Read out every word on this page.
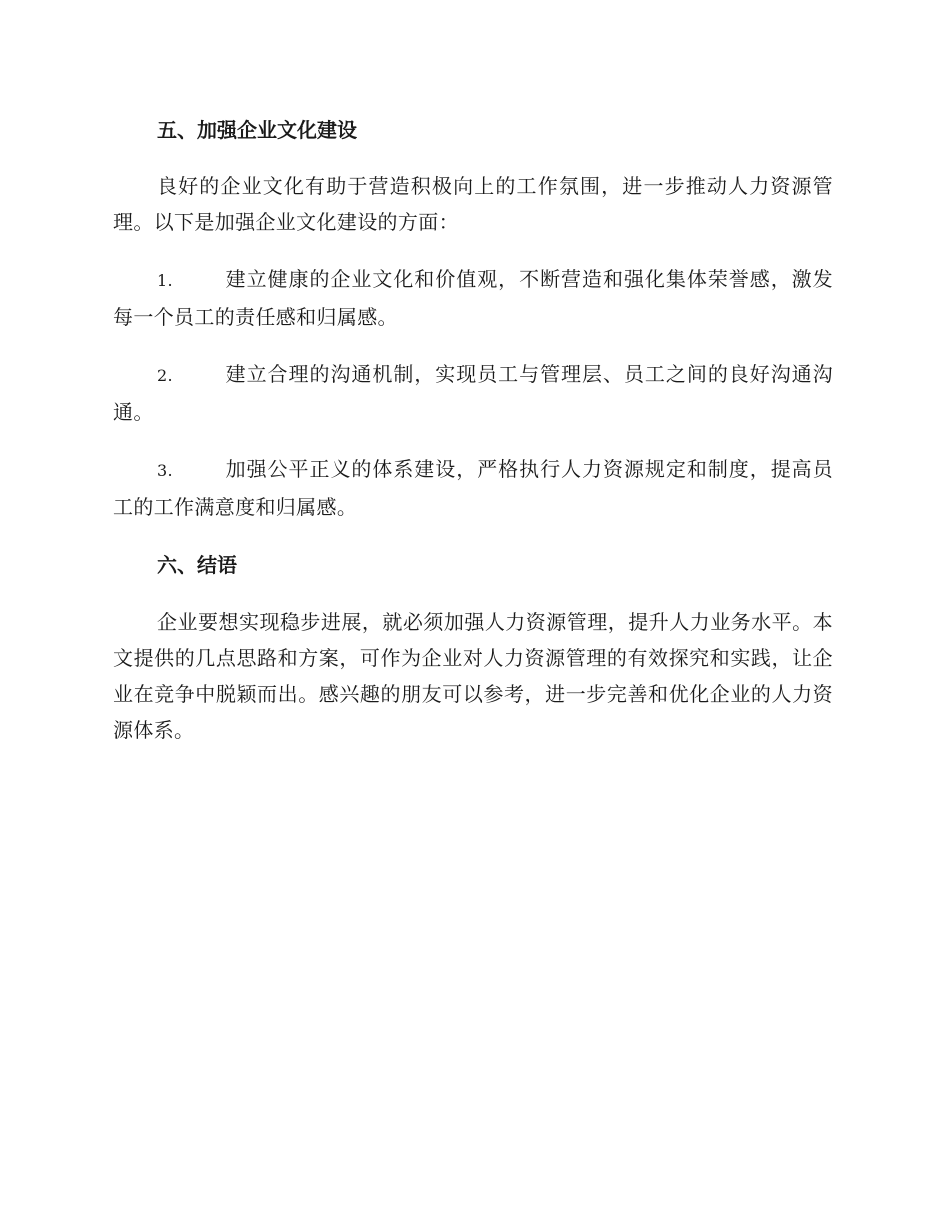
五、加强企业文化建设

良好的企业文化有助于营造积极向上的工作氛围，进一步推动人力资源管理。以下是加强企业文化建设的方面：

1.	建立健康的企业文化和价值观，不断营造和强化集体荣誉感，激发每一个员工的责任感和归属感。

2.	建立合理的沟通机制，实现员工与管理层、员工之间的良好沟通沟通。

3.	加强公平正义的体系建设，严格执行人力资源规定和制度，提高员工的工作满意度和归属感。

六、结语

企业要想实现稳步进展，就必须加强人力资源管理，提升人力业务水平。本文提供的几点思路和方案，可作为企业对人力资源管理的有效探究和实践，让企业在竞争中脱颖而出。感兴趣的朋友可以参考，进一步完善和优化企业的人力资源体系。
